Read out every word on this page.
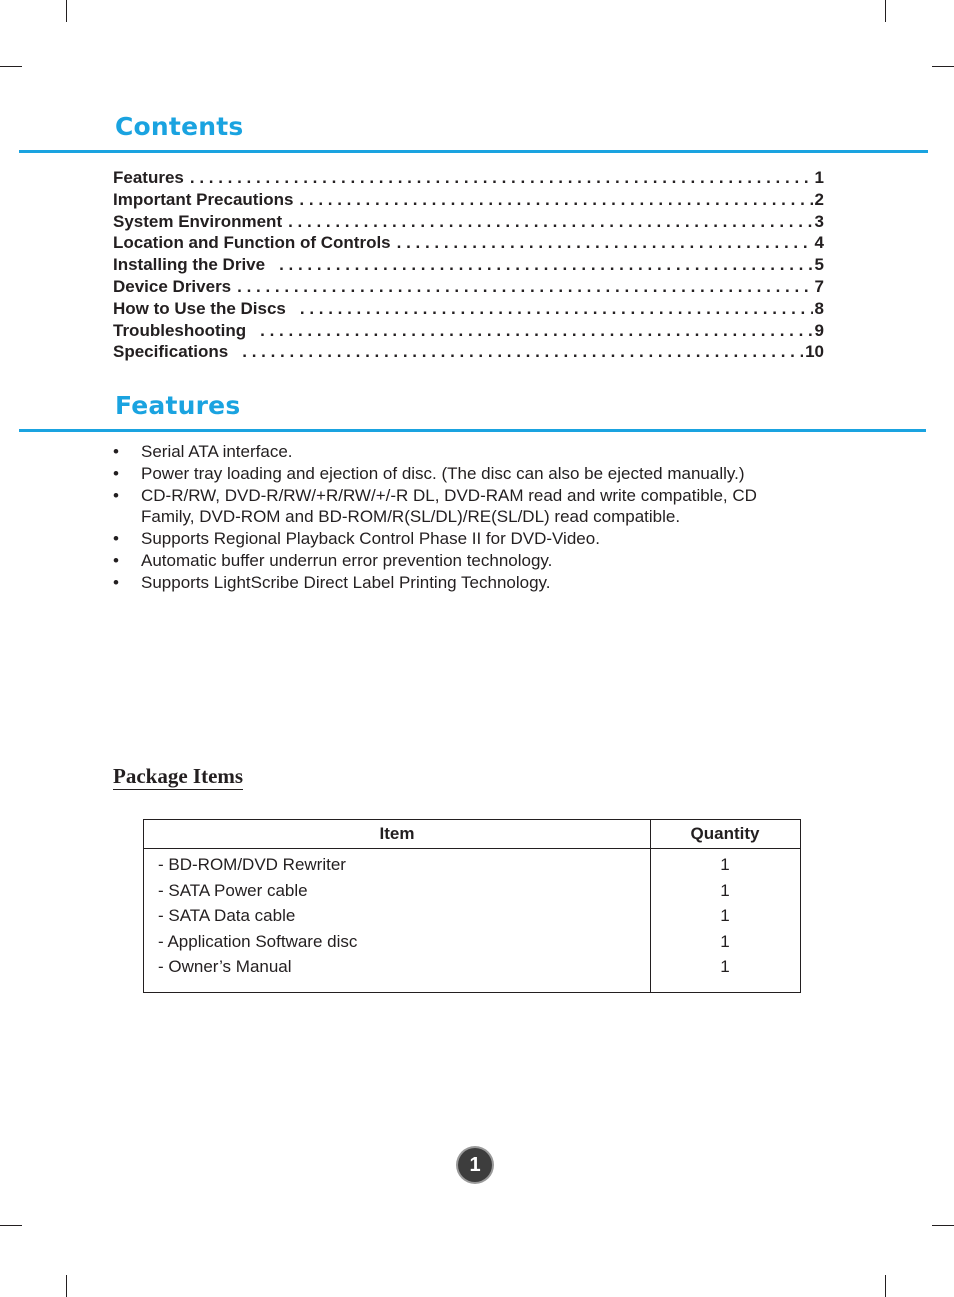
Contents
Features . . .	1
Important Precautions . . .	2
System Environment . . .	3
Location and Function of Controls . . .	4
Installing the Drive . . .	5
Device Drivers . . .	7
How to Use the Discs . . .	8
Troubleshooting . . .	9
Specifications . . .	10
Features
• Serial ATA interface.
• Power tray loading and ejection of disc. (The disc can also be ejected manually.)
• CD-R/RW, DVD-R/RW/+R/RW/+/-R DL, DVD-RAM read and write compatible, CD Family, DVD-ROM and BD-ROM/R(SL/DL)/RE(SL/DL) read compatible.
• Supports Regional Playback Control Phase II for DVD-Video.
• Automatic buffer underrun error prevention technology.
• Supports LightScribe Direct Label Printing Technology.
Package Items
Item	Quantity
- BD-ROM/DVD Rewriter	1
- SATA Power cable	1
- SATA Data cable	1
- Application Software disc	1
- Owner’s Manual	1
1
